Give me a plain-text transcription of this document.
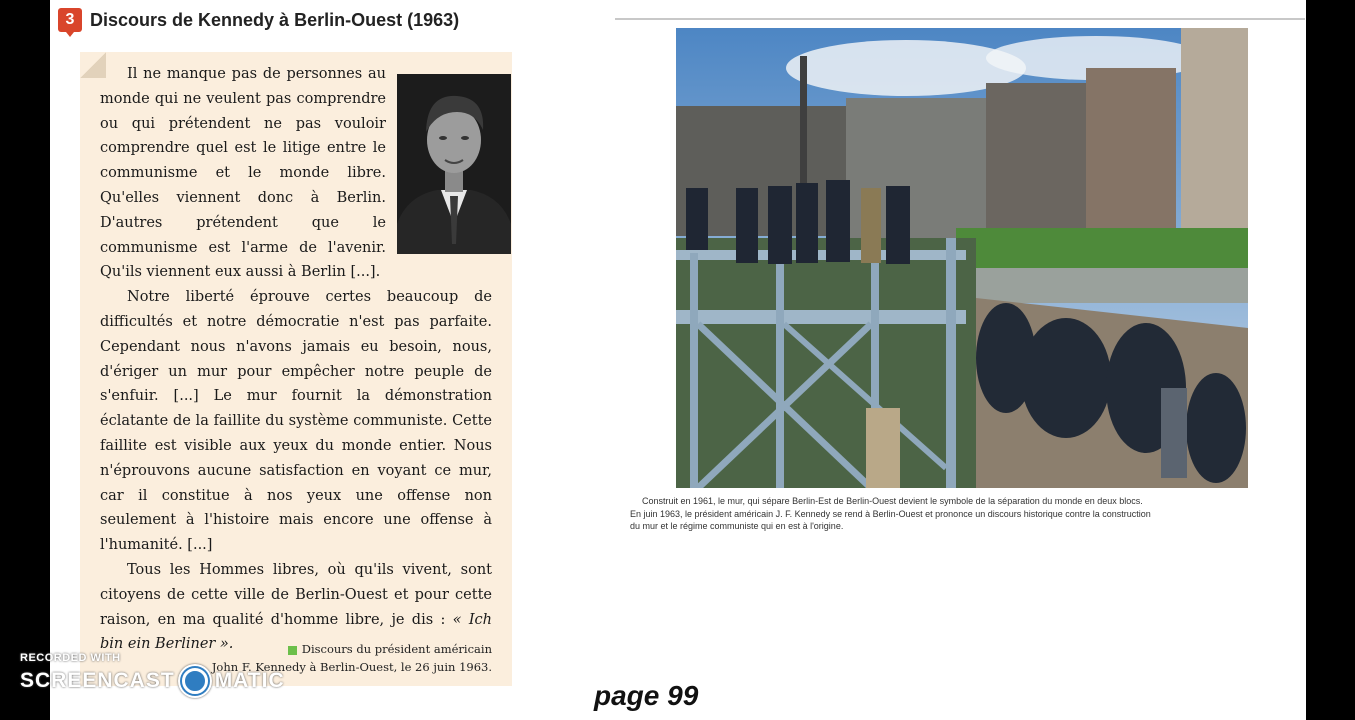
3 Discours de Kennedy à Berlin-Ouest (1963)

Il ne manque pas de personnes au monde qui ne veulent pas comprendre ou qui prétendent ne pas vouloir comprendre quel est le litige entre le communisme et le monde libre. Qu'elles viennent donc à Berlin. D'autres prétendent que le communisme est l'arme de l'avenir. Qu'ils viennent eux aussi à Berlin [...].

Notre liberté éprouve certes beaucoup de difficultés et notre démocratie n'est pas parfaite. Cependant nous n'avons jamais eu besoin, nous, d'ériger un mur pour empêcher notre peuple de s'enfuir. [...] Le mur fournit la démonstration éclatante de la faillite du système communiste. Cette faillite est visible aux yeux du monde entier. Nous n'éprouvons aucune satisfaction en voyant ce mur, car il constitue à nos yeux une offense non seulement à l'histoire mais encore une offense à l'humanité. [...]

Tous les Hommes libres, où qu'ils vivent, sont citoyens de cette ville de Berlin-Ouest et pour cette raison, en ma qualité d'homme libre, je dis : « Ich bin ein Berliner ».	Discours du président américain
John F. Kennedy à Berlin-Ouest, le 26 juin 1963.
Construit en 1961, le mur, qui sépare Berlin-Est de Berlin-Ouest devient le symbole de la séparation du monde en deux blocs.
En juin 1963, le président américain J. F. Kennedy se rend à Berlin-Ouest et prononce un discours historique contre la construction
du mur et le régime communiste qui en est à l'origine.
page 99
RECORDED WITH
SCREENCAST MATIC
